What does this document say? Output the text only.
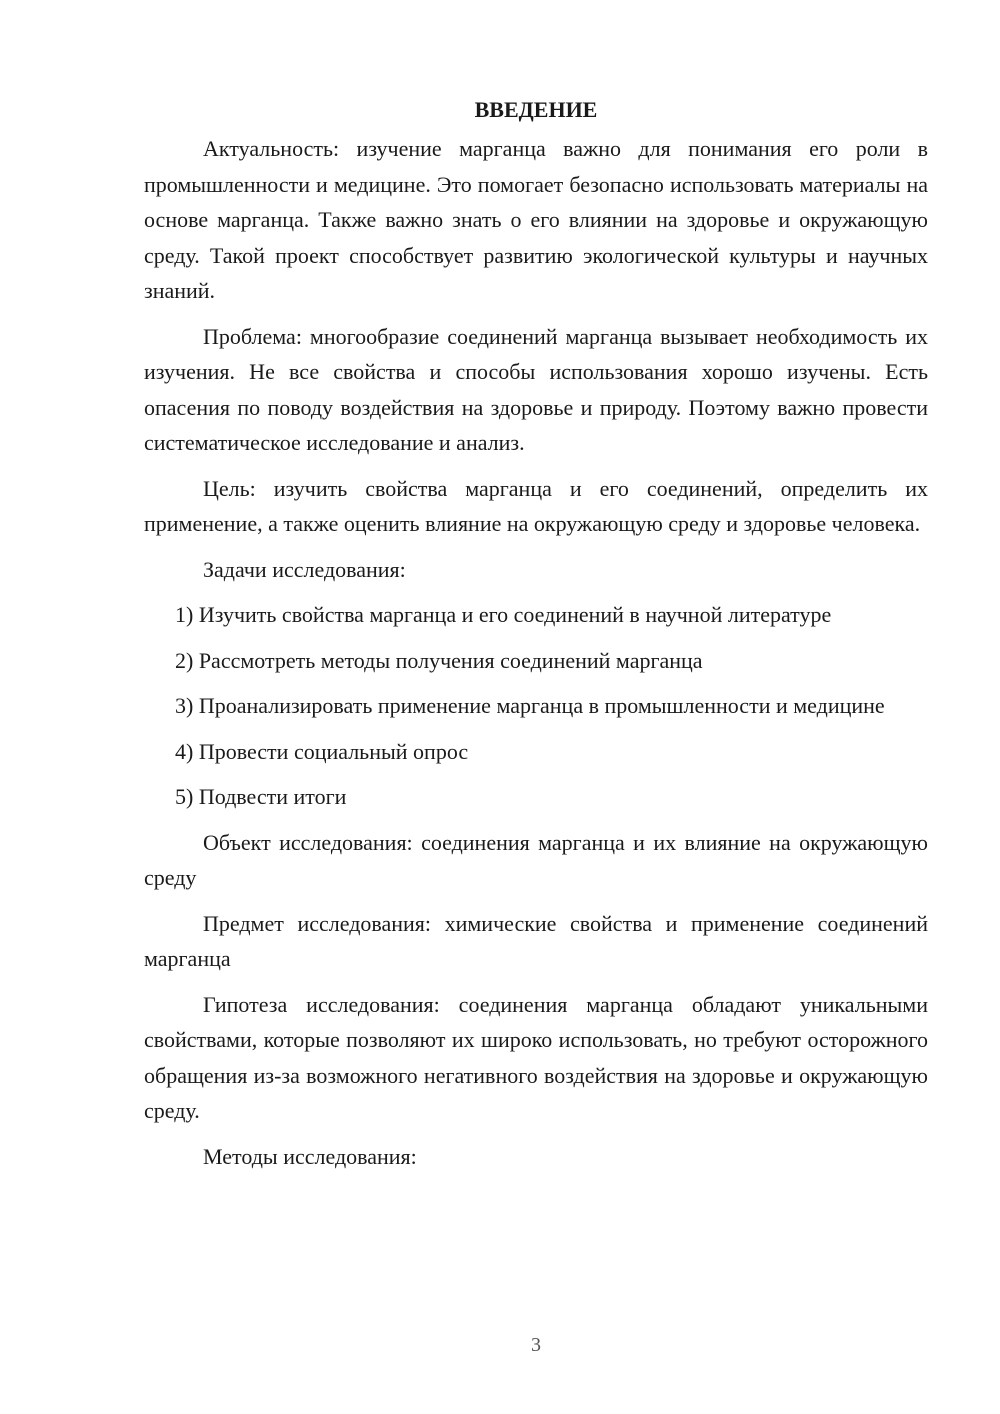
ВВЕДЕНИЕ

Актуальность: изучение марганца важно для понимания его роли в промышленности и медицине. Это помогает безопасно использовать материалы на основе марганца. Также важно знать о его влиянии на здоровье и окружающую среду. Такой проект способствует развитию экологической культуры и научных знаний.

Проблема: многообразие соединений марганца вызывает необходимость их изучения. Не все свойства и способы использования хорошо изучены. Есть опасения по поводу воздействия на здоровье и природу. Поэтому важно провести систематическое исследование и анализ.

Цель: изучить свойства марганца и его соединений, определить их применение, а также оценить влияние на окружающую среду и здоровье человека.

Задачи исследования:

1) Изучить свойства марганца и его соединений в научной литературе

2) Рассмотреть методы получения соединений марганца

3) Проанализировать применение марганца в промышленности и медицине

4) Провести социальный опрос

5) Подвести итоги

Объект исследования: соединения марганца и их влияние на окружающую среду

Предмет исследования: химические свойства и применение соединений марганца

Гипотеза исследования: соединения марганца обладают уникальными свойствами, которые позволяют их широко использовать, но требуют осторожного обращения из-за возможного негативного воздействия на здоровье и окружающую среду.

Методы исследования:

3
